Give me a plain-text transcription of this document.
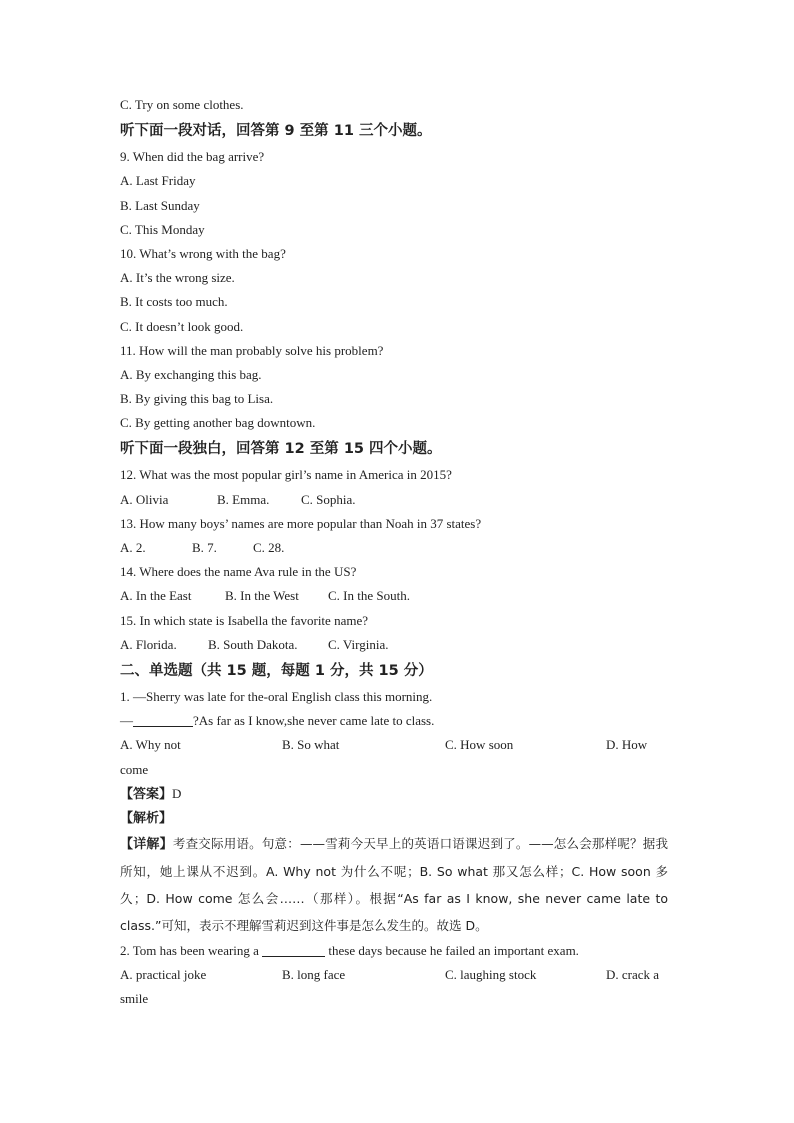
C. Try on some clothes.
听下面一段对话，回答第 9 至第 11 三个小题。
9. When did the bag arrive?
A. Last Friday
B. Last Sunday
C. This Monday
10. What’s wrong with the bag?
A. It’s the wrong size.
B. It costs too much.
C. It doesn’t look good.
11. How will the man probably solve his problem?
A. By exchanging this bag.
B. By giving this bag to Lisa.
C. By getting another bag downtown.
听下面一段独白，回答第 12 至第 15 四个小题。
12. What was the most popular girl’s name in America in 2015?
A. Olivia	B. Emma. C. Sophia.
13. How many boys’ names are more popular than Noah in 37 states?
A. 2.	B. 7.	C. 28.
14. Where does the name Ava rule in the US?
A. In the East	B. In the West C. In the South.
15. In which state is Isabella the favorite name?
A. Florida. B. South Dakota. C. Virginia.
二、单选题（共 15 题，每题 1 分，共 15 分）
1. —Sherry was late for the-oral English class this morning.
—	?As far as I know,she never came late to class.
A. Why not	B. So what	C. How soon	D. How
come
【答案】D
【解析】
【详解】考查交际用语。句意：——雪莉今天早上的英语口语课迟到了。——怎么会那样呢？据我所知，她上课从不迟到。A. Why not 为什么不呢；B. So what 那又怎么样；C. How soon 多久；D. How come 怎么会……（那样）。根据“As far as I know, she never came late to class.”可知，表示不理解雪莉迟到这件事是怎么发生的。故选 D。
2. Tom has been wearing a	these days because he failed an important exam.
A. practical joke	B. long face	C. laughing stock	D. crack a
smile
